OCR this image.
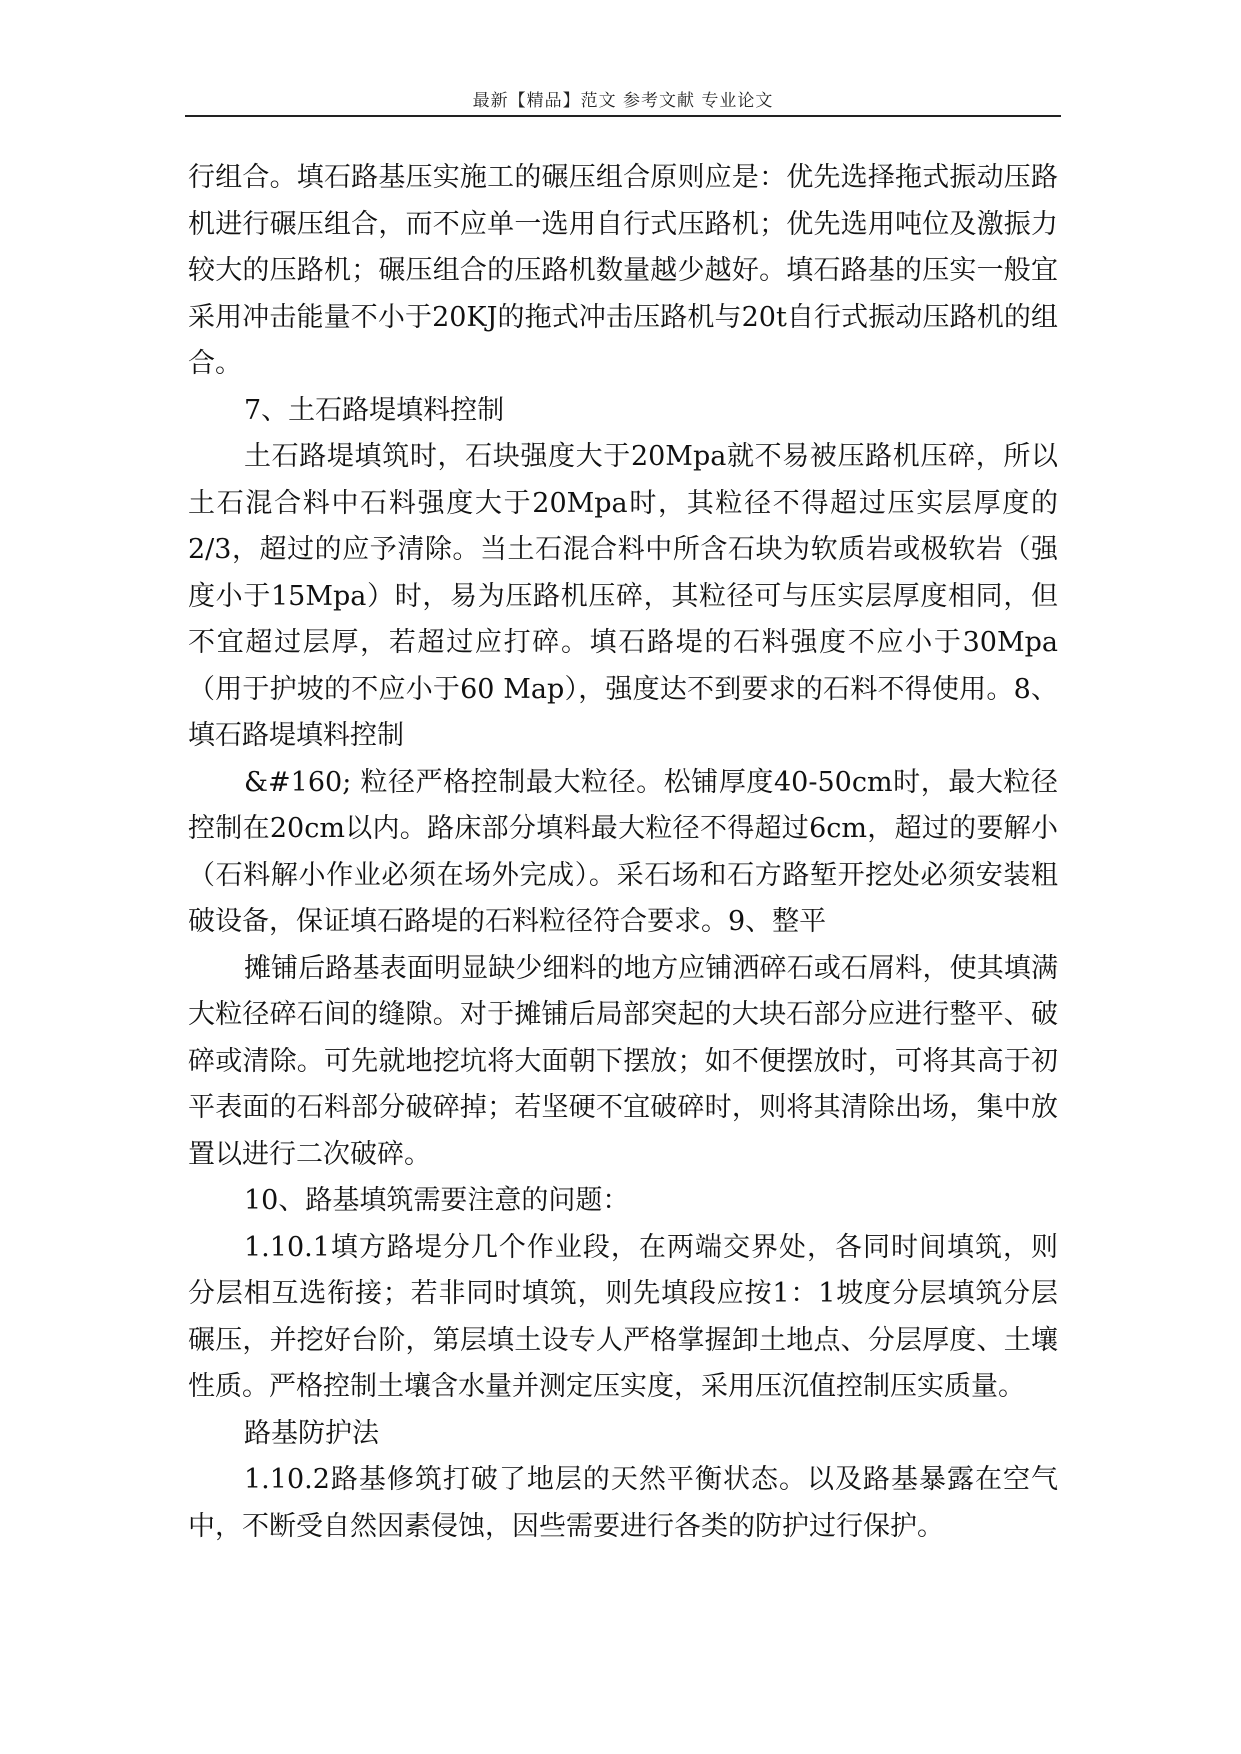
最新【精品】范文 参考文献 专业论文

行组合。填石路基压实施工的碾压组合原则应是：优先选择拖式振动压路机进行碾压组合，而不应单一选用自行式压路机；优先选用吨位及激振力较大的压路机；碾压组合的压路机数量越少越好。填石路基的压实一般宜采用冲击能量不小于20KJ的拖式冲击压路机与20t自行式振动压路机的组合。

7、土石路堤填料控制

土石路堤填筑时，石块强度大于20Mpa就不易被压路机压碎，所以土石混合料中石料强度大于20Mpa时，其粒径不得超过压实层厚度的2/3，超过的应予清除。当土石混合料中所含石块为软质岩或极软岩（强度小于15Mpa）时，易为压路机压碎，其粒径可与压实层厚度相同，但不宜超过层厚，若超过应打碎。填石路堤的石料强度不应小于30Mpa（用于护坡的不应小于60 Map），强度达不到要求的石料不得使用。8、填石路堤填料控制

&#160; 粒径严格控制最大粒径。松铺厚度40-50cm时，最大粒径控制在20cm以内。路床部分填料最大粒径不得超过6cm，超过的要解小（石料解小作业必须在场外完成）。采石场和石方路堑开挖处必须安装粗破设备，保证填石路堤的石料粒径符合要求。9、整平

摊铺后路基表面明显缺少细料的地方应铺洒碎石或石屑料，使其填满大粒径碎石间的缝隙。对于摊铺后局部突起的大块石部分应进行整平、破碎或清除。可先就地挖坑将大面朝下摆放；如不便摆放时，可将其高于初平表面的石料部分破碎掉；若坚硬不宜破碎时，则将其清除出场，集中放置以进行二次破碎。

10、路基填筑需要注意的问题：

1.10.1填方路堤分几个作业段，在两端交界处，各同时间填筑，则分层相互选衔接；若非同时填筑，则先填段应按1：1坡度分层填筑分层碾压，并挖好台阶，第层填土设专人严格掌握卸土地点、分层厚度、土壤性质。严格控制土壤含水量并测定压实度，采用压沉值控制压实质量。

路基防护法

1.10.2路基修筑打破了地层的天然平衡状态。以及路基暴露在空气中，不断受自然因素侵蚀，因些需要进行各类的防护过行保护。
